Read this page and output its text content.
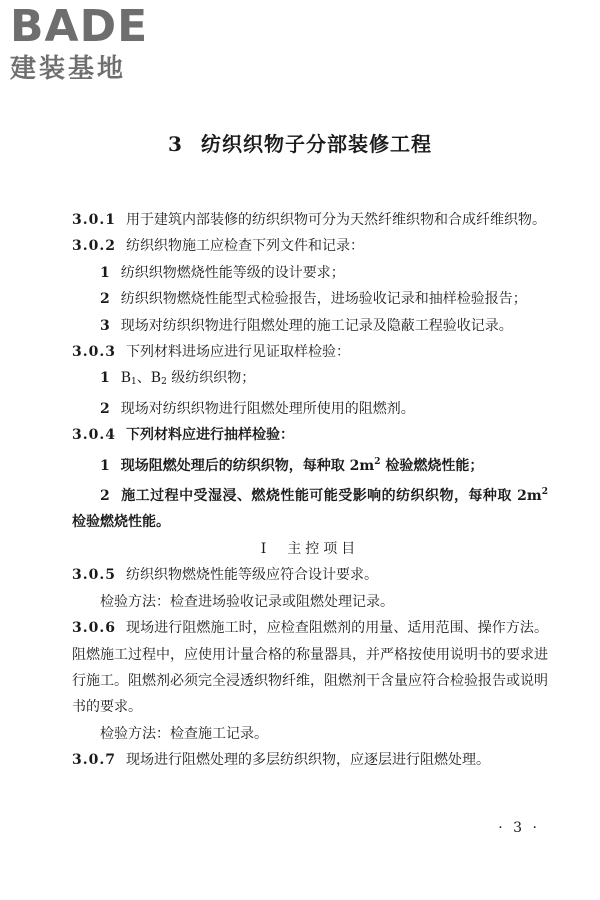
BADE
建装基地
3 纺织织物子分部装修工程

3.0.1 用于建筑内部装修的纺织织物可分为天然纤维织物和合成纤维织物。

3.0.2 纺织织物施工应检查下列文件和记录：

1 纺织织物燃烧性能等级的设计要求；

2 纺织织物燃烧性能型式检验报告，进场验收记录和抽样检验报告；

3 现场对纺织织物进行阻燃处理的施工记录及隐蔽工程验收记录。

3.0.3 下列材料进场应进行见证取样检验：

1 $B_1$、$B_2$ 级纺织织物；

2 现场对纺织织物进行阻燃处理所使用的阻燃剂。

3.0.4 下列材料应进行抽样检验：

1 现场阻燃处理后的纺织织物，每种取 $2m^2$ 检验燃烧性能；

2 施工过程中受湿浸、燃烧性能可能受影响的纺织织物，每种取 $2m^2$ 检验燃烧性能。

Ⅰ 主控项目

3.0.5 纺织织物燃烧性能等级应符合设计要求。

检验方法：检查进场验收记录或阻燃处理记录。

3.0.6 现场进行阻燃施工时，应检查阻燃剂的用量、适用范围、操作方法。阻燃施工过程中，应使用计量合格的称量器具，并严格按使用说明书的要求进行施工。阻燃剂必须完全浸透织物纤维，阻燃剂干含量应符合检验报告或说明书的要求。

检验方法：检查施工记录。

3.0.7 现场进行阻燃处理的多层纺织织物，应逐层进行阻燃处理。

· 3 ·
